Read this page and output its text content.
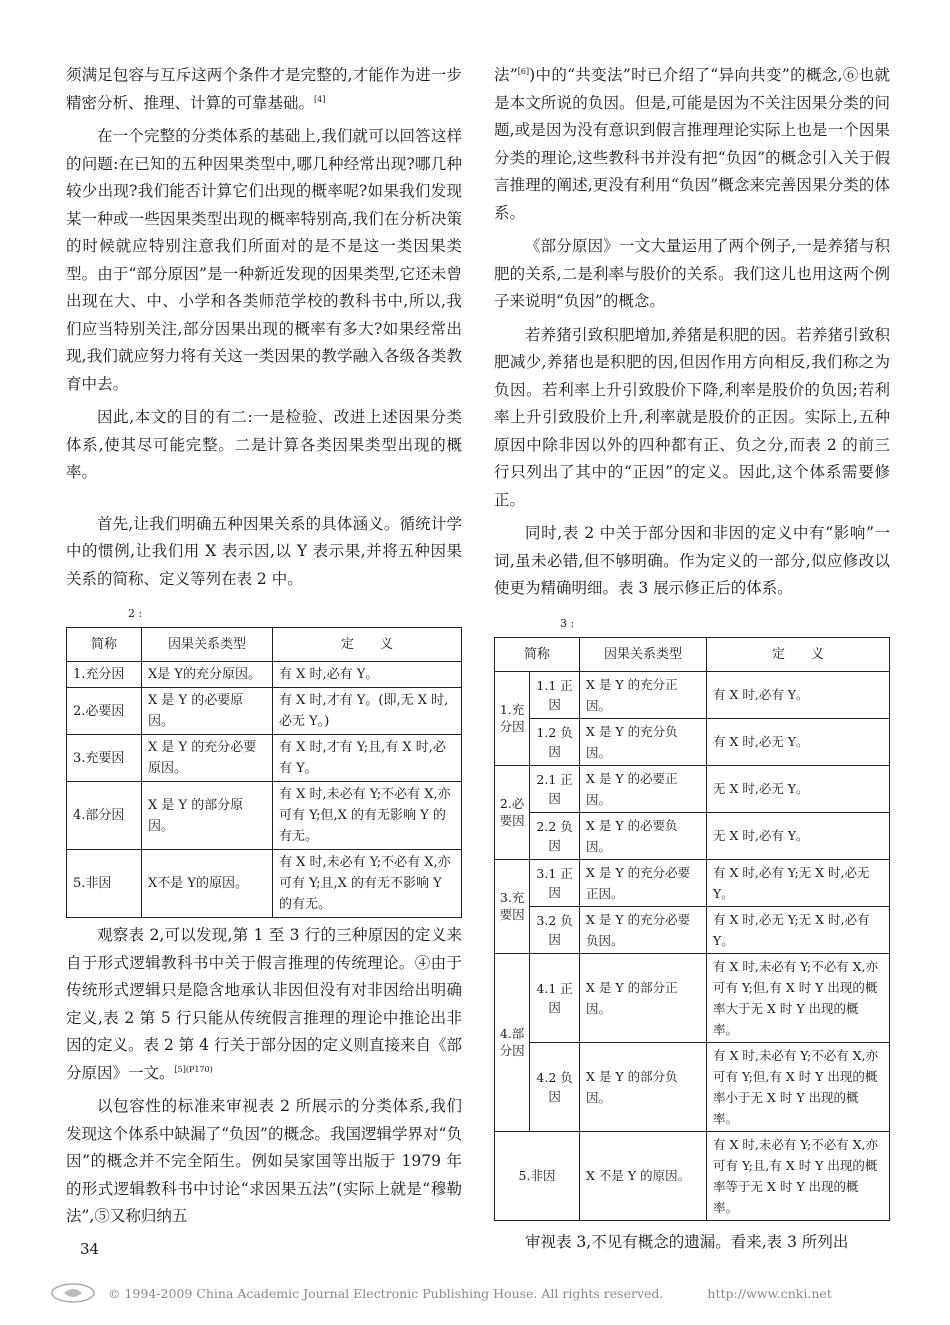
须满足包容与互斥这两个条件才是完整的,才能作为进一步精密分析、推理、计算的可靠基础。[4]

在一个完整的分类体系的基础上,我们就可以回答这样的问题:在已知的五种因果类型中,哪几种经常出现?哪几种较少出现?我们能否计算它们出现的概率呢?如果我们发现某一种或一些因果类型出现的概率特别高,我们在分析决策的时候就应特别注意我们所面对的是不是这一类因果类型。由于“部分原因”是一种新近发现的因果类型,它还未曾出现在大、中、小学和各类师范学校的教科书中,所以,我们应当特别关注,部分因果出现的概率有多大?如果经常出现,我们就应努力将有关这一类因果的教学融入各级各类教育中去。

因此,本文的目的有二:一是检验、改进上述因果分类体系,使其尽可能完整。二是计算各类因果类型出现的概率。

首先,让我们明确五种因果关系的具体涵义。循统计学中的惯例,让我们用 X 表示因,以 Y 表示果,并将五种因果关系的简称、定义等列在表 2 中。

2 :
简称	因果关系类型	定　　义
1.充分因	X是 Y的充分原因。	有 X 时,必有 Y。
2.必要因	X 是 Y 的必要原因。	有 X 时,才有 Y。(即,无 X 时,必无 Y。)
3.充要因	X 是 Y 的充分必要原因。	有 X 时,才有 Y;且,有 X 时,必有 Y。
4.部分因	X 是 Y 的部分原因。	有 X 时,未必有 Y;不必有 X,亦可有 Y;但,X 的有无影响 Y 的有无。
5.非因	X不是 Y的原因。	有 X 时,未必有 Y;不必有 X,亦可有 Y;且,X 的有无不影响 Y 的有无。

观察表 2,可以发现,第 1 至 3 行的三种原因的定义来自于形式逻辑教科书中关于假言推理的传统理论。④由于传统形式逻辑只是隐含地承认非因但没有对非因给出明确定义,表 2 第 5 行只能从传统假言推理的理论中推论出非因的定义。表 2 第 4 行关于部分因的定义则直接来自《部分原因》一文。$^{[5](P170)}$

以包容性的标准来审视表 2 所展示的分类体系,我们发现这个体系中缺漏了“负因”的概念。我国逻辑学界对“负因”的概念并不完全陌生。例如吴家国等出版于 1979 年的形式逻辑教科书中讨论“求因果五法”(实际上就是“穆勒法”,⑤又称归纳五

法”[6])中的“共变法”时已介绍了“异向共变”的概念,⑥也就是本文所说的负因。但是,可能是因为不关注因果分类的问题,或是因为没有意识到假言推理理论实际上也是一个因果分类的理论,这些教科书并没有把“负因”的概念引入关于假言推理的阐述,更没有利用“负因”概念来完善因果分类的体系。

《部分原因》一文大量运用了两个例子,一是养猪与积肥的关系,二是利率与股价的关系。我们这儿也用这两个例子来说明“负因”的概念。

若养猪引致积肥增加,养猪是积肥的因。若养猪引致积肥减少,养猪也是积肥的因,但因作用方向相反,我们称之为负因。若利率上升引致股价下降,利率是股价的负因;若利率上升引致股价上升,利率就是股价的正因。实际上,五种原因中除非因以外的四种都有正、负之分,而表 2 的前三行只列出了其中的“正因”的定义。因此,这个体系需要修正。

同时,表 2 中关于部分因和非因的定义中有“影响”一词,虽未必错,但不够明确。作为定义的一部分,似应修改以使更为精确明细。表 3 展示修正后的体系。

3 :
简称		因果关系类型	定　　义
1.充分因	1.1 正因	X 是 Y 的充分正因。	有 X 时,必有 Y。
	1.2 负因	X 是 Y 的充分负因。	有 X 时,必无 Y。
2.必要因	2.1 正因	X 是 Y 的必要正因。	无 X 时,必无 Y。
	2.2 负因	X 是 Y 的必要负因。	无 X 时,必有 Y。
3.充要因	3.1 正因	X 是 Y 的充分必要正因。	有 X 时,必有 Y;无 X 时,必无 Y。
	3.2 负因	X 是 Y 的充分必要负因。	有 X 时,必无 Y;无 X 时,必有 Y。
4.部分因	4.1 正因	X 是 Y 的部分正因。	有 X 时,未必有 Y;不必有 X,亦可有 Y;但,有 X 时 Y 出现的概率大于无 X 时 Y 出现的概率。
	4.2 负因	X 是 Y 的部分负因。	有 X 时,未必有 Y;不必有 X,亦可有 Y;但,有 X 时 Y 出现的概率小于无 X 时 Y 出现的概率。
5.非因		X 不是 Y 的原因。	有 X 时,未必有 Y;不必有 X,亦可有 Y;且,有 X 时 Y 出现的概率等于无 X 时 Y 出现的概率。

审视表 3,不见有概念的遗漏。看来,表 3 所列出

34
© 1994-2009 China Academic Journal Electronic Publishing House. All rights reserved.	http://www.cnki.net
